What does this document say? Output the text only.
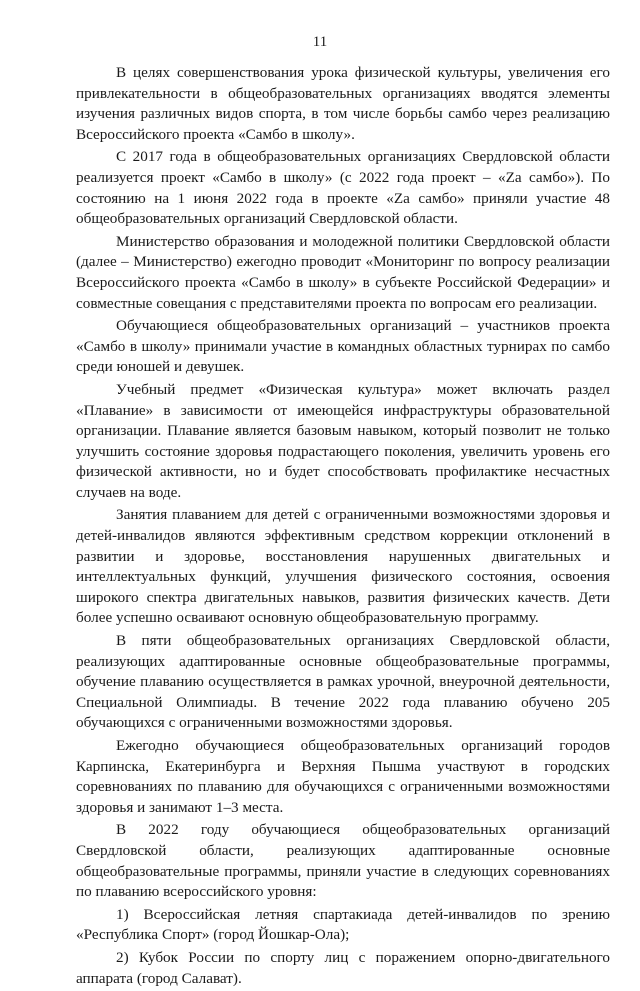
11

В целях совершенствования урока физической культуры, увеличения его привлекательности в общеобразовательных организациях вводятся элементы изучения различных видов спорта, в том числе борьбы самбо через реализацию Всероссийского проекта «Самбо в школу».

С 2017 года в общеобразовательных организациях Свердловской области реализуется проект «Самбо в школу» (с 2022 года проект – «Zа самбо»). По состоянию на 1 июня 2022 года в проекте «Zа самбо» приняли участие 48 общеобразовательных организаций Свердловской области.

Министерство образования и молодежной политики Свердловской области (далее – Министерство) ежегодно проводит «Мониторинг по вопросу реализации Всероссийского проекта «Самбо в школу» в субъекте Российской Федерации» и совместные совещания с представителями проекта по вопросам его реализации.

Обучающиеся общеобразовательных организаций – участников проекта «Самбо в школу» принимали участие в командных областных турнирах по самбо среди юношей и девушек.

Учебный предмет «Физическая культура» может включать раздел «Плавание» в зависимости от имеющейся инфраструктуры образовательной организации. Плавание является базовым навыком, который позволит не только улучшить состояние здоровья подрастающего поколения, увеличить уровень его физической активности, но и будет способствовать профилактике несчастных случаев на воде.

Занятия плаванием для детей с ограниченными возможностями здоровья и детей-инвалидов являются эффективным средством коррекции отклонений в развитии и здоровье, восстановления нарушенных двигательных и интеллектуальных функций, улучшения физического состояния, освоения широкого спектра двигательных навыков, развития физических качеств. Дети более успешно осваивают основную общеобразовательную программу.

В пяти общеобразовательных организациях Свердловской области, реализующих адаптированные основные общеобразовательные программы, обучение плаванию осуществляется в рамках урочной, внеурочной деятельности, Специальной Олимпиады. В течение 2022 года плаванию обучено 205 обучающихся с ограниченными возможностями здоровья.

Ежегодно обучающиеся общеобразовательных организаций городов Карпинска, Екатеринбурга и Верхняя Пышма участвуют в городских соревнованиях по плаванию для обучающихся с ограниченными возможностями здоровья и занимают 1–3 места.

В 2022 году обучающиеся общеобразовательных организаций Свердловской области, реализующих адаптированные основные общеобразовательные программы, приняли участие в следующих соревнованиях по плаванию всероссийского уровня:

1) Всероссийская летняя спартакиада детей-инвалидов по зрению «Республика Спорт» (город Йошкар-Ола);

2) Кубок России по спорту лиц с поражением опорно-двигательного аппарата (город Салават).
